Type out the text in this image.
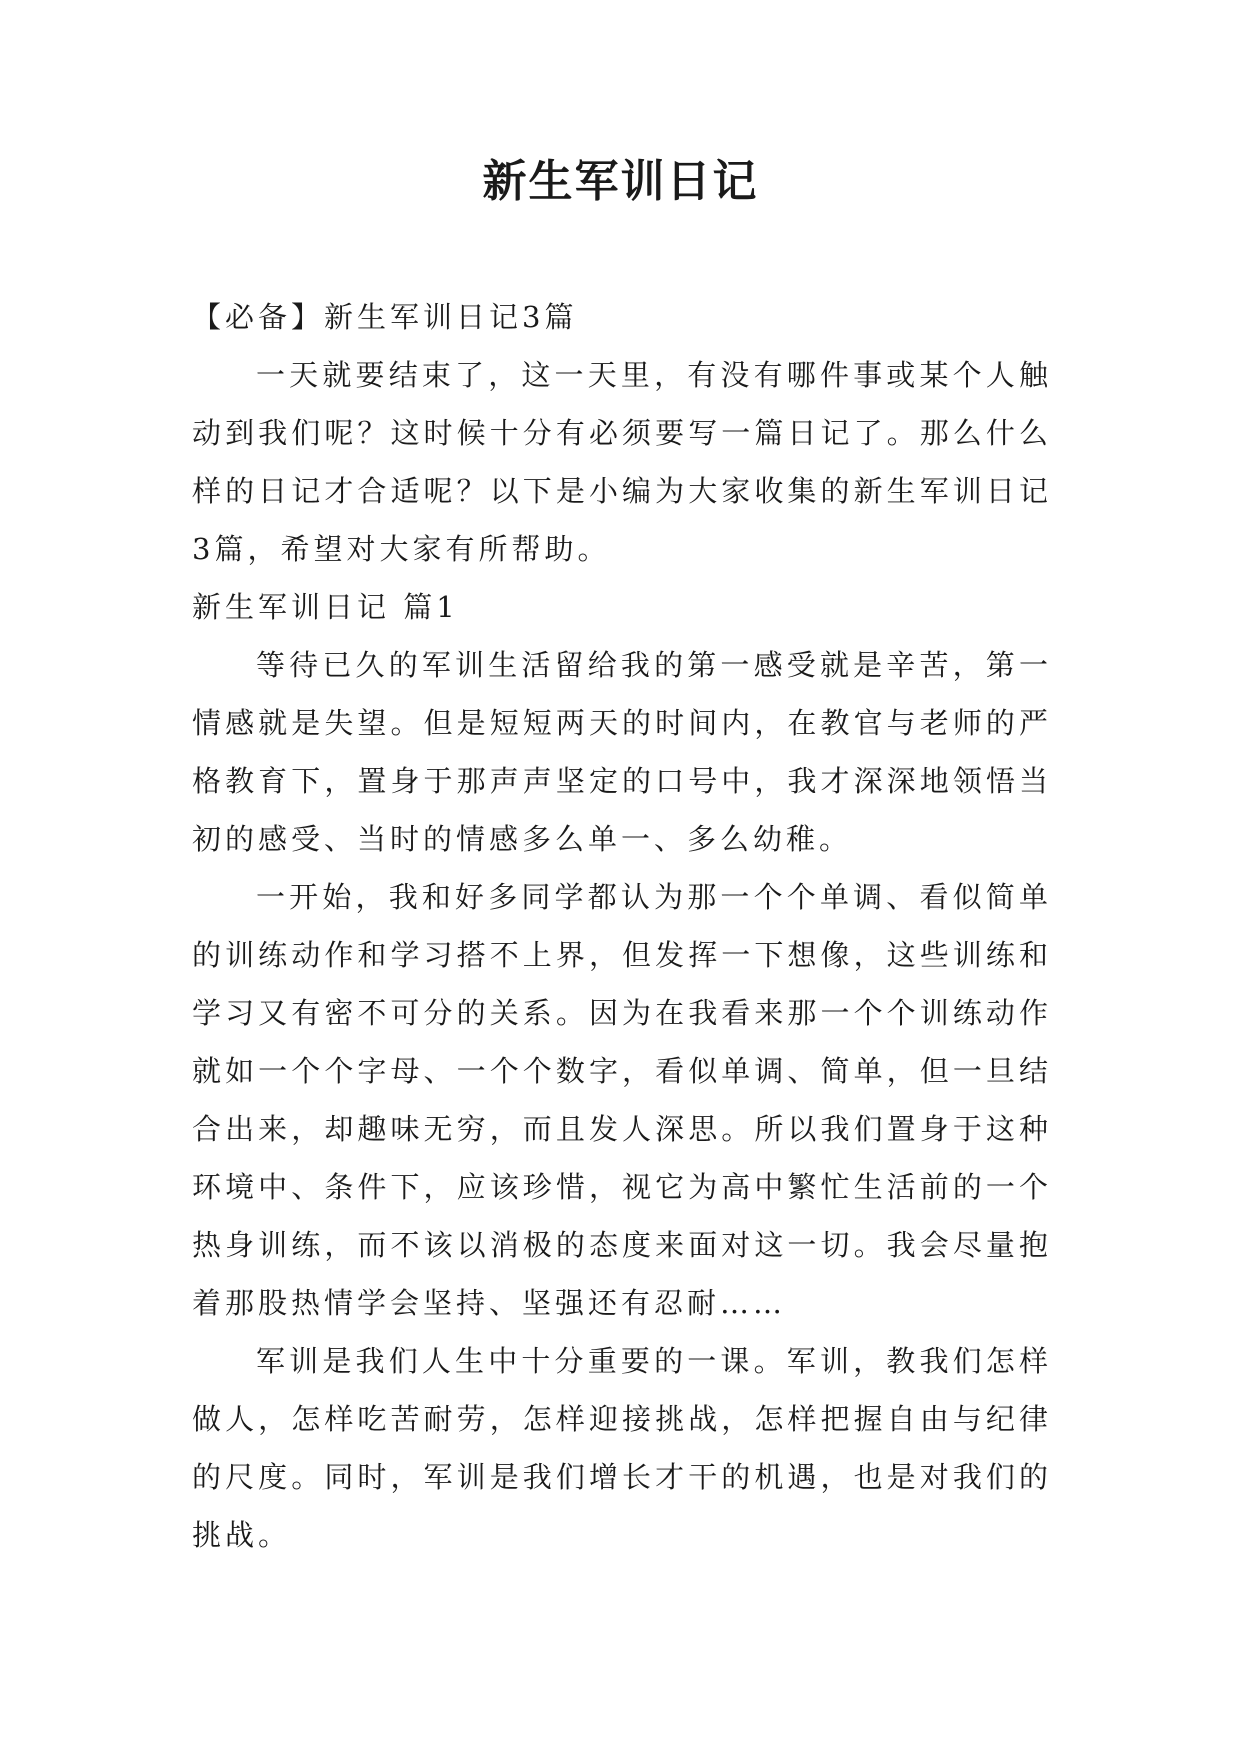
新生军训日记

【必备】新生军训日记3篇

一天就要结束了，这一天里，有没有哪件事或某个人触动到我们呢？这时候十分有必须要写一篇日记了。那么什么样的日记才合适呢？以下是小编为大家收集的新生军训日记3篇，希望对大家有所帮助。

新生军训日记 篇1

等待已久的军训生活留给我的第一感受就是辛苦，第一情感就是失望。但是短短两天的时间内，在教官与老师的严格教育下，置身于那声声坚定的口号中，我才深深地领悟当初的感受、当时的情感多么单一、多么幼稚。

一开始，我和好多同学都认为那一个个单调、看似简单的训练动作和学习搭不上界，但发挥一下想像，这些训练和学习又有密不可分的关系。因为在我看来那一个个训练动作就如一个个字母、一个个数字，看似单调、简单，但一旦结合出来，却趣味无穷，而且发人深思。所以我们置身于这种环境中、条件下，应该珍惜，视它为高中繁忙生活前的一个热身训练，而不该以消极的态度来面对这一切。我会尽量抱着那股热情学会坚持、坚强还有忍耐……

军训是我们人生中十分重要的一课。军训，教我们怎样做人，怎样吃苦耐劳，怎样迎接挑战，怎样把握自由与纪律的尺度。同时，军训是我们增长才干的机遇，也是对我们的挑战。
